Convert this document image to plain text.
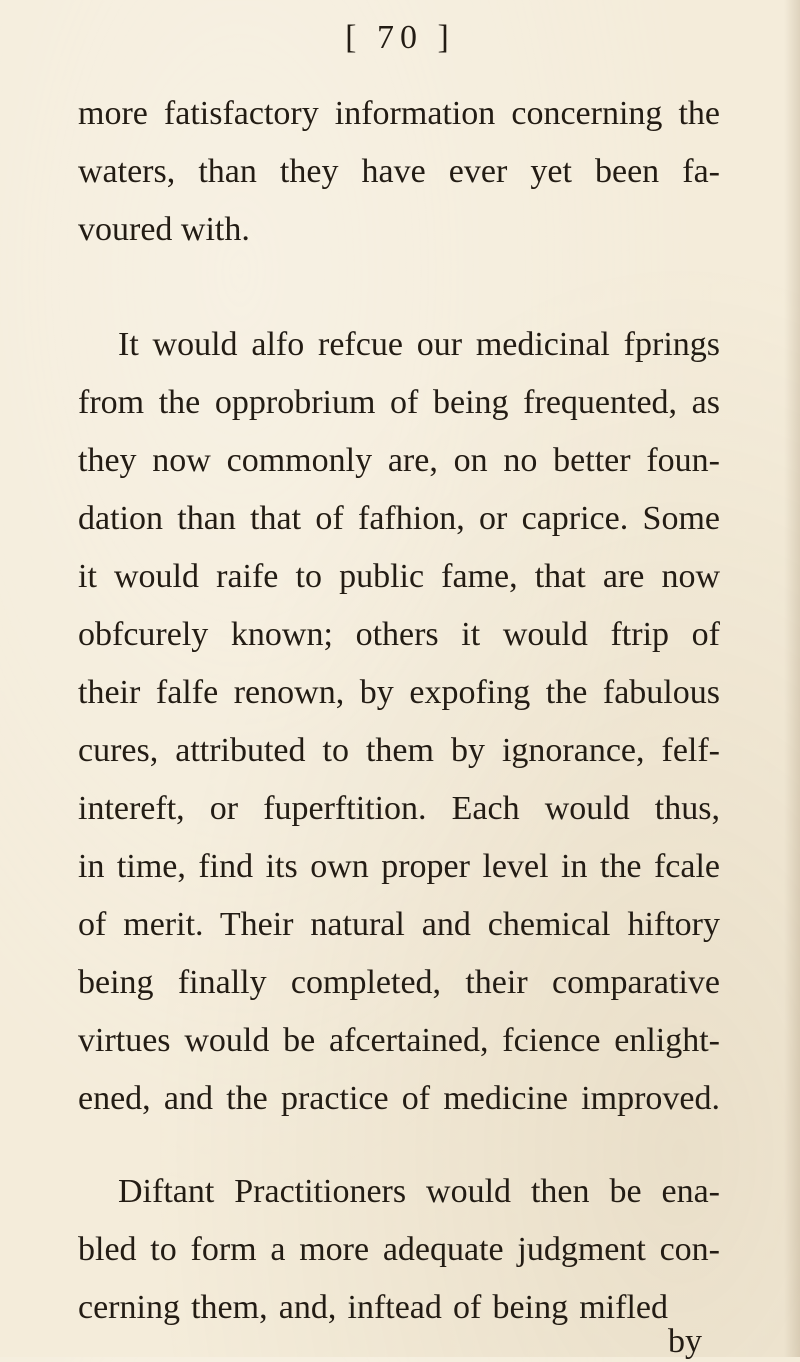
[ 70 ]
more fatisfactory information concerning the
waters, than they have ever yet been fa-
voured with.
It would alfo refcue our medicinal fprings
from the opprobrium of being frequented, as
they now commonly are, on no better foun-
dation than that of fafhion, or caprice. Some
it would raife to public fame, that are now
obfcurely known; others it would ftrip of
their falfe renown, by expofing the fabulous
cures, attributed to them by ignorance, felf-
intereft, or fuperftition. Each would thus,
in time, find its own proper level in the fcale
of merit. Their natural and chemical hiftory
being finally completed, their comparative
virtues would be afcertained, fcience enlight-
ened, and the practice of medicine improved.
Diftant Practitioners would then be ena-
bled to form a more adequate judgment con-
cerning them, and, inftead of being mifled
by
